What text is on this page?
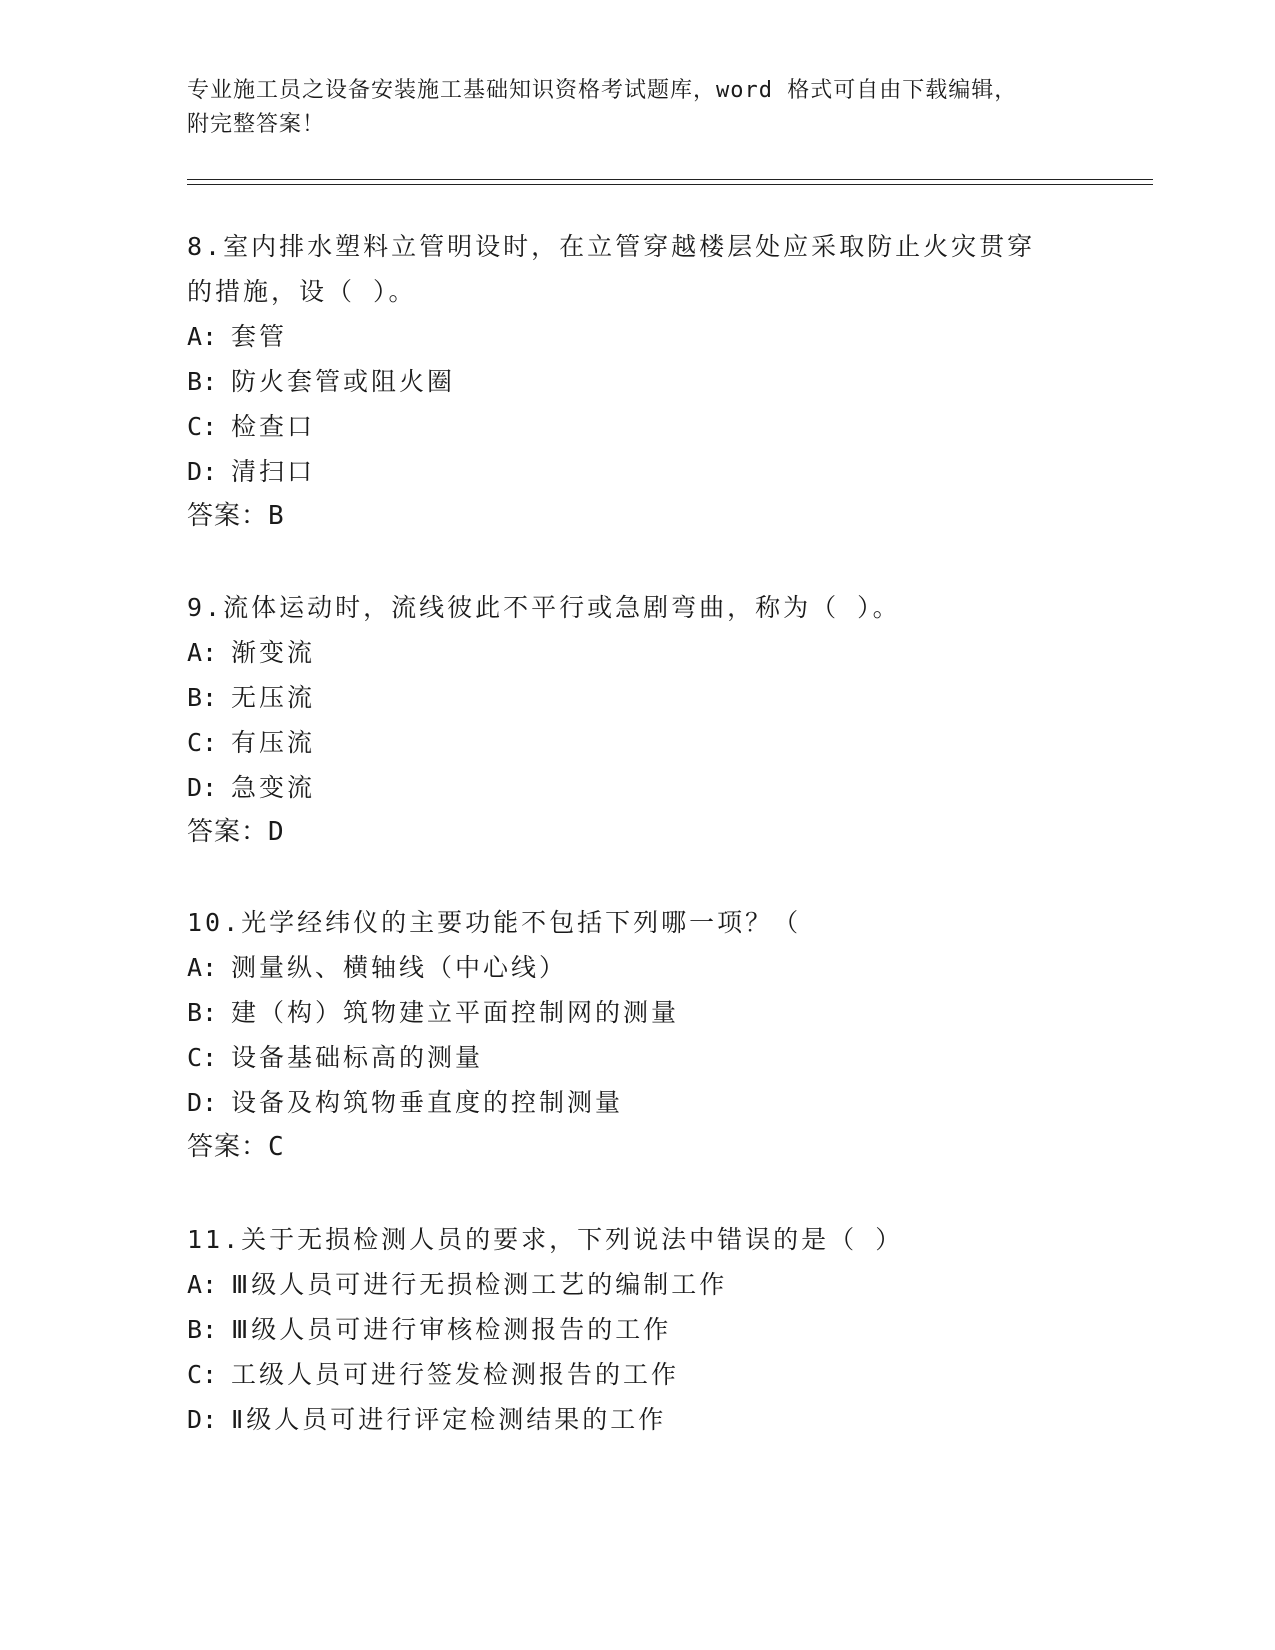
专业施工员之设备安装施工基础知识资格考试题库，word 格式可自由下载编辑，
附完整答案！

8.室内排水塑料立管明设时，在立管穿越楼层处应采取防止火灾贯穿

的措施，设（ ）。

A: 套管

B: 防火套管或阻火圈

C: 检查口

D: 清扫口

答案：B

9.流体运动时，流线彼此不平行或急剧弯曲，称为（ ）。

A: 渐变流

B: 无压流

C: 有压流

D: 急变流

答案：D

10.光学经纬仪的主要功能不包括下列哪一项？（

A: 测量纵、横轴线（中心线）

B: 建（构）筑物建立平面控制网的测量

C: 设备基础标高的测量

D: 设备及构筑物垂直度的控制测量

答案：C

11.关于无损检测人员的要求，下列说法中错误的是（ ）

A: Ⅲ级人员可进行无损检测工艺的编制工作

B: Ⅲ级人员可进行审核检测报告的工作

C: 工级人员可进行签发检测报告的工作

D: Ⅱ级人员可进行评定检测结果的工作
